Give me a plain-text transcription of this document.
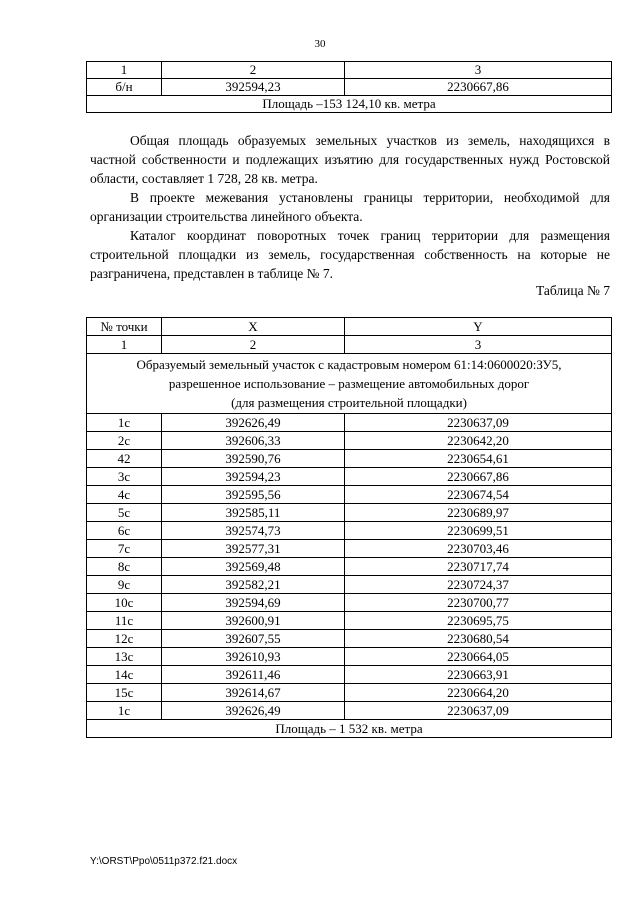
30
1	2	3
б/н	392594,23	2230667,86
Площадь –153 124,10 кв. метра		

Общая площадь образуемых земельных участков из земель, находящихся в частной собственности и подлежащих изъятию для государственных нужд Ростовской области, составляет 1 728, 28 кв. метра.

В проекте межевания установлены границы территории, необходимой для организации строительства линейного объекта.

Каталог координат поворотных точек границ территории для размещения строительной площадки из земель, государственная собственность на которые не разграничена, представлен в таблице № 7.

Таблица № 7
№ точки	X	Y
1	2	3

Образуемый земельный участок с кадастровым номером 61:14:0600020:ЗУ5,
разрешенное использование – размещение автомобильных дорог
(для размещения строительной площадки)		

1с	392626,49	2230637,09
2с	392606,33	2230642,20
42	392590,76	2230654,61
3с	392594,23	2230667,86
4с	392595,56	2230674,54
5с	392585,11	2230689,97
6с	392574,73	2230699,51
7с	392577,31	2230703,46
8с	392569,48	2230717,74
9с	392582,21	2230724,37
10с	392594,69	2230700,77
11с	392600,91	2230695,75
12с	392607,55	2230680,54
13с	392610,93	2230664,05
14с	392611,46	2230663,91
15с	392614,67	2230664,20
1с	392626,49	2230637,09
Площадь – 1 532 кв. метра		
Y:\ORST\Ppo\0511p372.f21.docx
